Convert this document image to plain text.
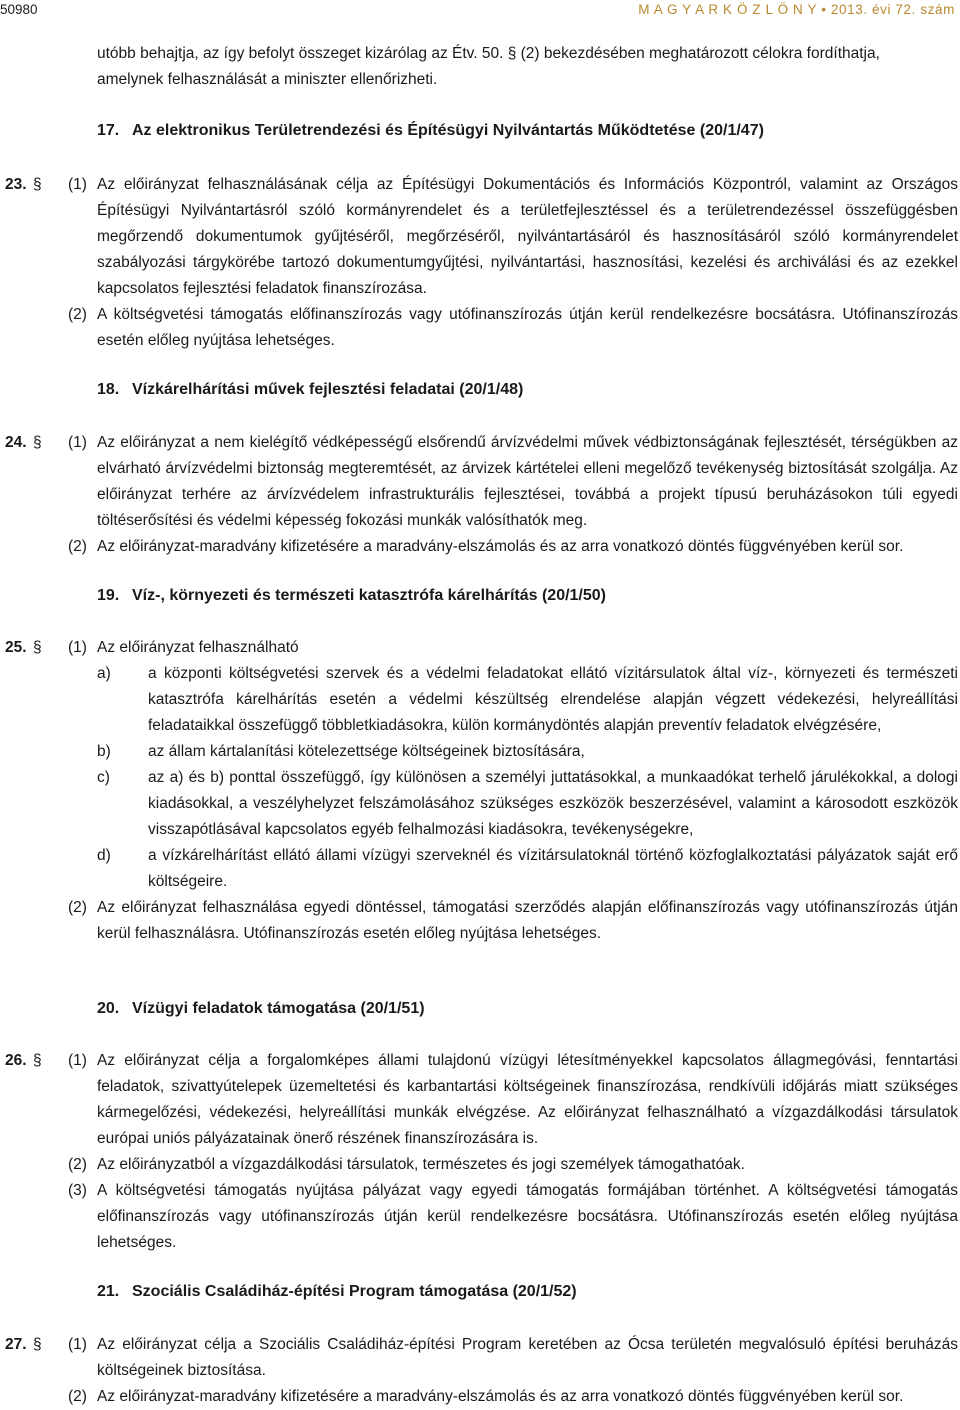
50980	M A G Y A R K Ö Z L Ö N Y • 2013. évi 72. szám
utóbb behajtja, az így befolyt összeget kizárólag az Étv. 50. § (2) bekezdésében meghatározott célokra fordíthatja,
amelynek felhasználását a miniszter ellenőrizheti.
17. Az elektronikus Területrendezési és Építésügyi Nyilvántartás Működtetése (20/1/47)
23. § (1) Az előirányzat felhasználásának célja az Építésügyi Dokumentációs és Információs Központról, valamint az Országos Építésügyi Nyilvántartásról szóló kormányrendelet és a területfejlesztéssel és a területrendezéssel összefüggésben megőrzendő dokumentumok gyűjtéséről, megőrzéséről, nyilvántartásáról és hasznosításáról szóló kormányrendelet szabályozási tárgykörébe tartozó dokumentumgyűjtési, nyilvántartási, hasznosítási, kezelési és archiválási és az ezekkel kapcsolatos fejlesztési feladatok finanszírozása.
(2) A költségvetési támogatás előfinanszírozás vagy utófinanszírozás útján kerül rendelkezésre bocsátásra. Utófinanszírozás esetén előleg nyújtása lehetséges.
18. Vízkárelhárítási művek fejlesztési feladatai (20/1/48)
24. § (1) Az előirányzat a nem kielégítő védképességű elsőrendű árvízvédelmi művek védbiztonságának fejlesztését, térségükben az elvárható árvízvédelmi biztonság megteremtését, az árvizek kártételei elleni megelőző tevékenység biztosítását szolgálja. Az előirányzat terhére az árvízvédelem infrastrukturális fejlesztései, továbbá a projekt típusú beruházásokon túli egyedi töltéserősítési és védelmi képesség fokozási munkák valósíthatók meg.
(2) Az előirányzat-maradvány kifizetésére a maradvány-elszámolás és az arra vonatkozó döntés függvényében kerül sor.
19. Víz-, környezeti és természeti katasztrófa kárelhárítás (20/1/50)
25. § (1) Az előirányzat felhasználható
a) a központi költségvetési szervek és a védelmi feladatokat ellátó vízitársulatok által víz-, környezeti és természeti katasztrófa kárelhárítás esetén a védelmi készültség elrendelése alapján végzett védekezési, helyreállítási feladataikkal összefüggő többletkiadásokra, külön kormánydöntés alapján preventív feladatok elvégzésére,
b) az állam kártalanítási kötelezettsége költségeinek biztosítására,
c) az a) és b) ponttal összefüggő, így különösen a személyi juttatásokkal, a munkaadókat terhelő járulékokkal, a dologi kiadásokkal, a veszélyhelyzet felszámolásához szükséges eszközök beszerzésével, valamint a károsodott eszközök visszapótlásával kapcsolatos egyéb felhalmozási kiadásokra, tevékenységekre,
d) a vízkárelhárítást ellátó állami vízügyi szerveknél és vízitársulatoknál történő közfoglalkoztatási pályázatok saját erő költségeire.
(2) Az előirányzat felhasználása egyedi döntéssel, támogatási szerződés alapján előfinanszírozás vagy utófinanszírozás útján kerül felhasználásra. Utófinanszírozás esetén előleg nyújtása lehetséges.
20. Vízügyi feladatok támogatása (20/1/51)
26. § (1) Az előirányzat célja a forgalomképes állami tulajdonú vízügyi létesítményekkel kapcsolatos állagmegóvási, fenntartási feladatok, szivattyútelepek üzemeltetési és karbantartási költségeinek finanszírozása, rendkívüli időjárás miatt szükséges kármegelőzési, védekezési, helyreállítási munkák elvégzése. Az előirányzat felhasználható a vízgazdálkodási társulatok európai uniós pályázatainak önerő részének finanszírozására is.
(2) Az előirányzatból a vízgazdálkodási társulatok, természetes és jogi személyek támogathatóak.
(3) A költségvetési támogatás nyújtása pályázat vagy egyedi támogatás formájában történhet. A költségvetési támogatás előfinanszírozás vagy utófinanszírozás útján kerül rendelkezésre bocsátásra. Utófinanszírozás esetén előleg nyújtása lehetséges.
21. Szociális Családiház-építési Program támogatása (20/1/52)
27. § (1) Az előirányzat célja a Szociális Családiház-építési Program keretében az Ócsa területén megvalósuló építési beruházás költségeinek biztosítása.
(2) Az előirányzat-maradvány kifizetésére a maradvány-elszámolás és az arra vonatkozó döntés függvényében kerül sor.
